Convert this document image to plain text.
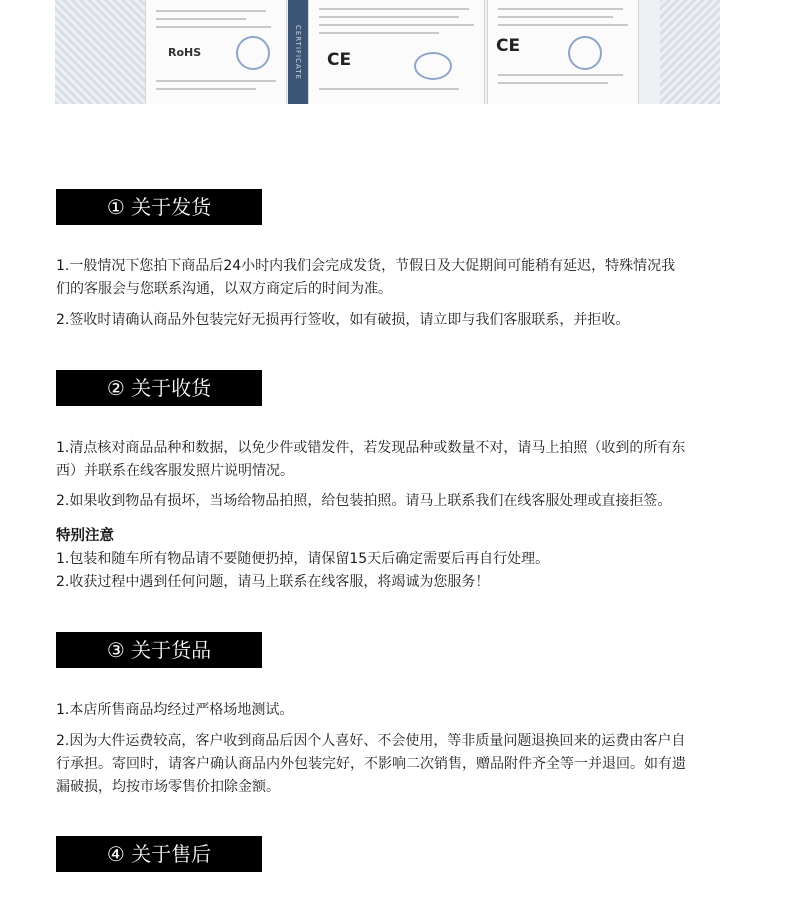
RoHS	CERTIFICATE	CE
CE
① 关于发货

1.一般情况下您拍下商品后24小时内我们会完成发货，节假日及大促期间可能稍有延迟，特殊情况我们的客服会与您联系沟通，以双方商定后的时间为准。

2.签收时请确认商品外包装完好无损再行签收，如有破损，请立即与我们客服联系，并拒收。

② 关于收货

1.清点核对商品品种和数据，以免少件或错发件，若发现品种或数量不对，请马上拍照（收到的所有东西）并联系在线客服发照片说明情况。

2.如果收到物品有损坏，当场给物品拍照，给包装拍照。请马上联系我们在线客服处理或直接拒签。

特别注意

1.包装和随车所有物品请不要随便扔掉，请保留15天后确定需要后再自行处理。

2.收获过程中遇到任何问题，请马上联系在线客服，将竭诚为您服务！

③ 关于货品

1.本店所售商品均经过严格场地测试。

2.因为大件运费较高，客户收到商品后因个人喜好、不会使用，等非质量问题退换回来的运费由客户自行承担。寄回时，请客户确认商品内外包装完好，不影响二次销售，赠品附件齐全等一并退回。如有遗漏破损，均按市场零售价扣除金额。

④ 关于售后
